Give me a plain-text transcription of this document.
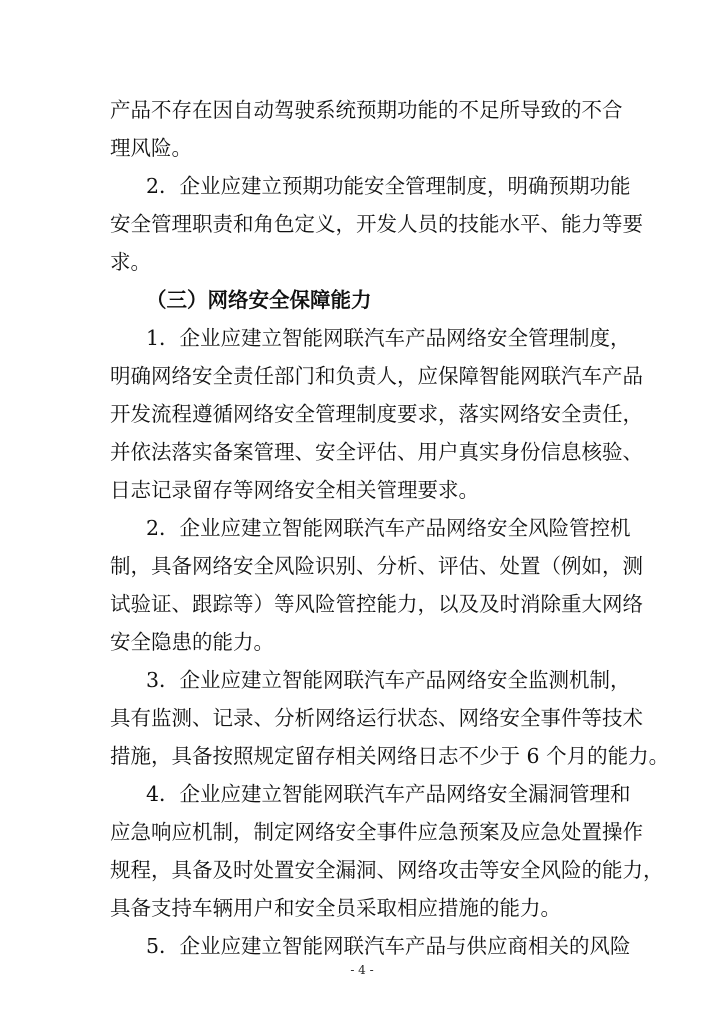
产品不存在因自动驾驶系统预期功能的不足所导致的不合
理风险。
2．企业应建立预期功能安全管理制度，明确预期功能
安全管理职责和角色定义，开发人员的技能水平、能力等要
求。
（三）网络安全保障能力
1．企业应建立智能网联汽车产品网络安全管理制度，
明确网络安全责任部门和负责人，应保障智能网联汽车产品
开发流程遵循网络安全管理制度要求，落实网络安全责任，
并依法落实备案管理、安全评估、用户真实身份信息核验、
日志记录留存等网络安全相关管理要求。
2．企业应建立智能网联汽车产品网络安全风险管控机
制，具备网络安全风险识别、分析、评估、处置（例如，测
试验证、跟踪等）等风险管控能力，以及及时消除重大网络
安全隐患的能力。
3．企业应建立智能网联汽车产品网络安全监测机制，
具有监测、记录、分析网络运行状态、网络安全事件等技术
措施，具备按照规定留存相关网络日志不少于 6 个月的能力。
4．企业应建立智能网联汽车产品网络安全漏洞管理和
应急响应机制，制定网络安全事件应急预案及应急处置操作
规程，具备及时处置安全漏洞、网络攻击等安全风险的能力，
具备支持车辆用户和安全员采取相应措施的能力。
5．企业应建立智能网联汽车产品与供应商相关的风险
- 4 -
